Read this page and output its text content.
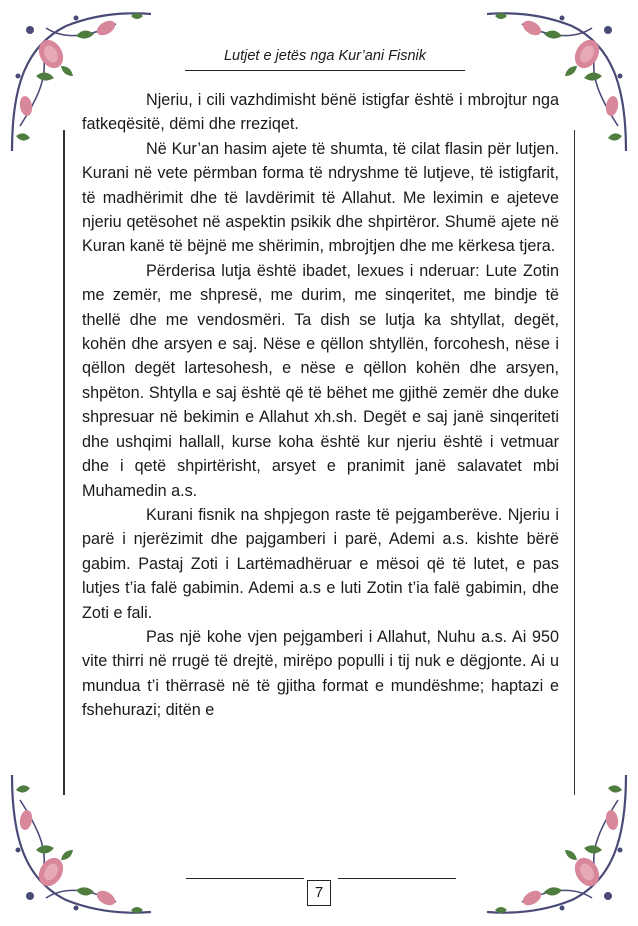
Lutjet e jetës nga Kur’ani Fisnik

Njeriu, i cili vazhdimisht bënë istigfar është i mbrojtur nga fatkeqësitë, dëmi dhe rreziqet.

Në Kur’an hasim ajete të shumta, të cilat flasin për lutjen. Kurani në vete përmban forma të ndryshme të lutjeve, të istigfarit, të madhërimit dhe të lavdërimit të Allahut. Me leximin e ajeteve njeriu qetësohet në aspektin psikik dhe shpirtëror. Shumë ajete në Kuran kanë të bëjnë me shërimin, mbrojtjen dhe me kërkesa tjera.

Përderisa lutja është ibadet, lexues i nderuar: Lute Zotin me zemër, me shpresë, me durim, me sinqeritet, me bindje të thellë dhe me vendosmëri. Ta dish se lutja ka shtyllat, degët, kohën dhe arsyen e saj. Nëse e qëllon shtyllën, forcohesh, nëse i qëllon degët lartesohesh, e nëse e qëllon kohën dhe arsyen, shpëton. Shtylla e saj është që të bëhet me gjithë zemër dhe duke shpresuar në bekimin e Allahut xh.sh. Degët e saj janë sinqeriteti dhe ushqimi hallall, kurse koha është kur njeriu është i vetmuar dhe i qetë shpirtërisht, arsyet e pranimit janë salavatet mbi Muhamedin a.s.

Kurani fisnik na shpjegon raste të pejgamberëve. Njeriu i parë i njerëzimit dhe pajgamberi i parë, Ademi a.s. kishte bërë gabim. Pastaj Zoti i Lartëmadhëruar e mësoi që të lutet, e pas lutjes t’ia falë gabimin. Ademi a.s e luti Zotin t’ia falë gabimin, dhe Zoti e fali.

Pas një kohe vjen pejgamberi i Allahut, Nuhu a.s. Ai 950 vite thirri në rrugë të drejtë, mirëpo populli i tij nuk e dëgjonte. Ai u mundua t’i thërrasë në të gjitha format e mundëshme; haptazi e fshehurazi; ditën e

7
